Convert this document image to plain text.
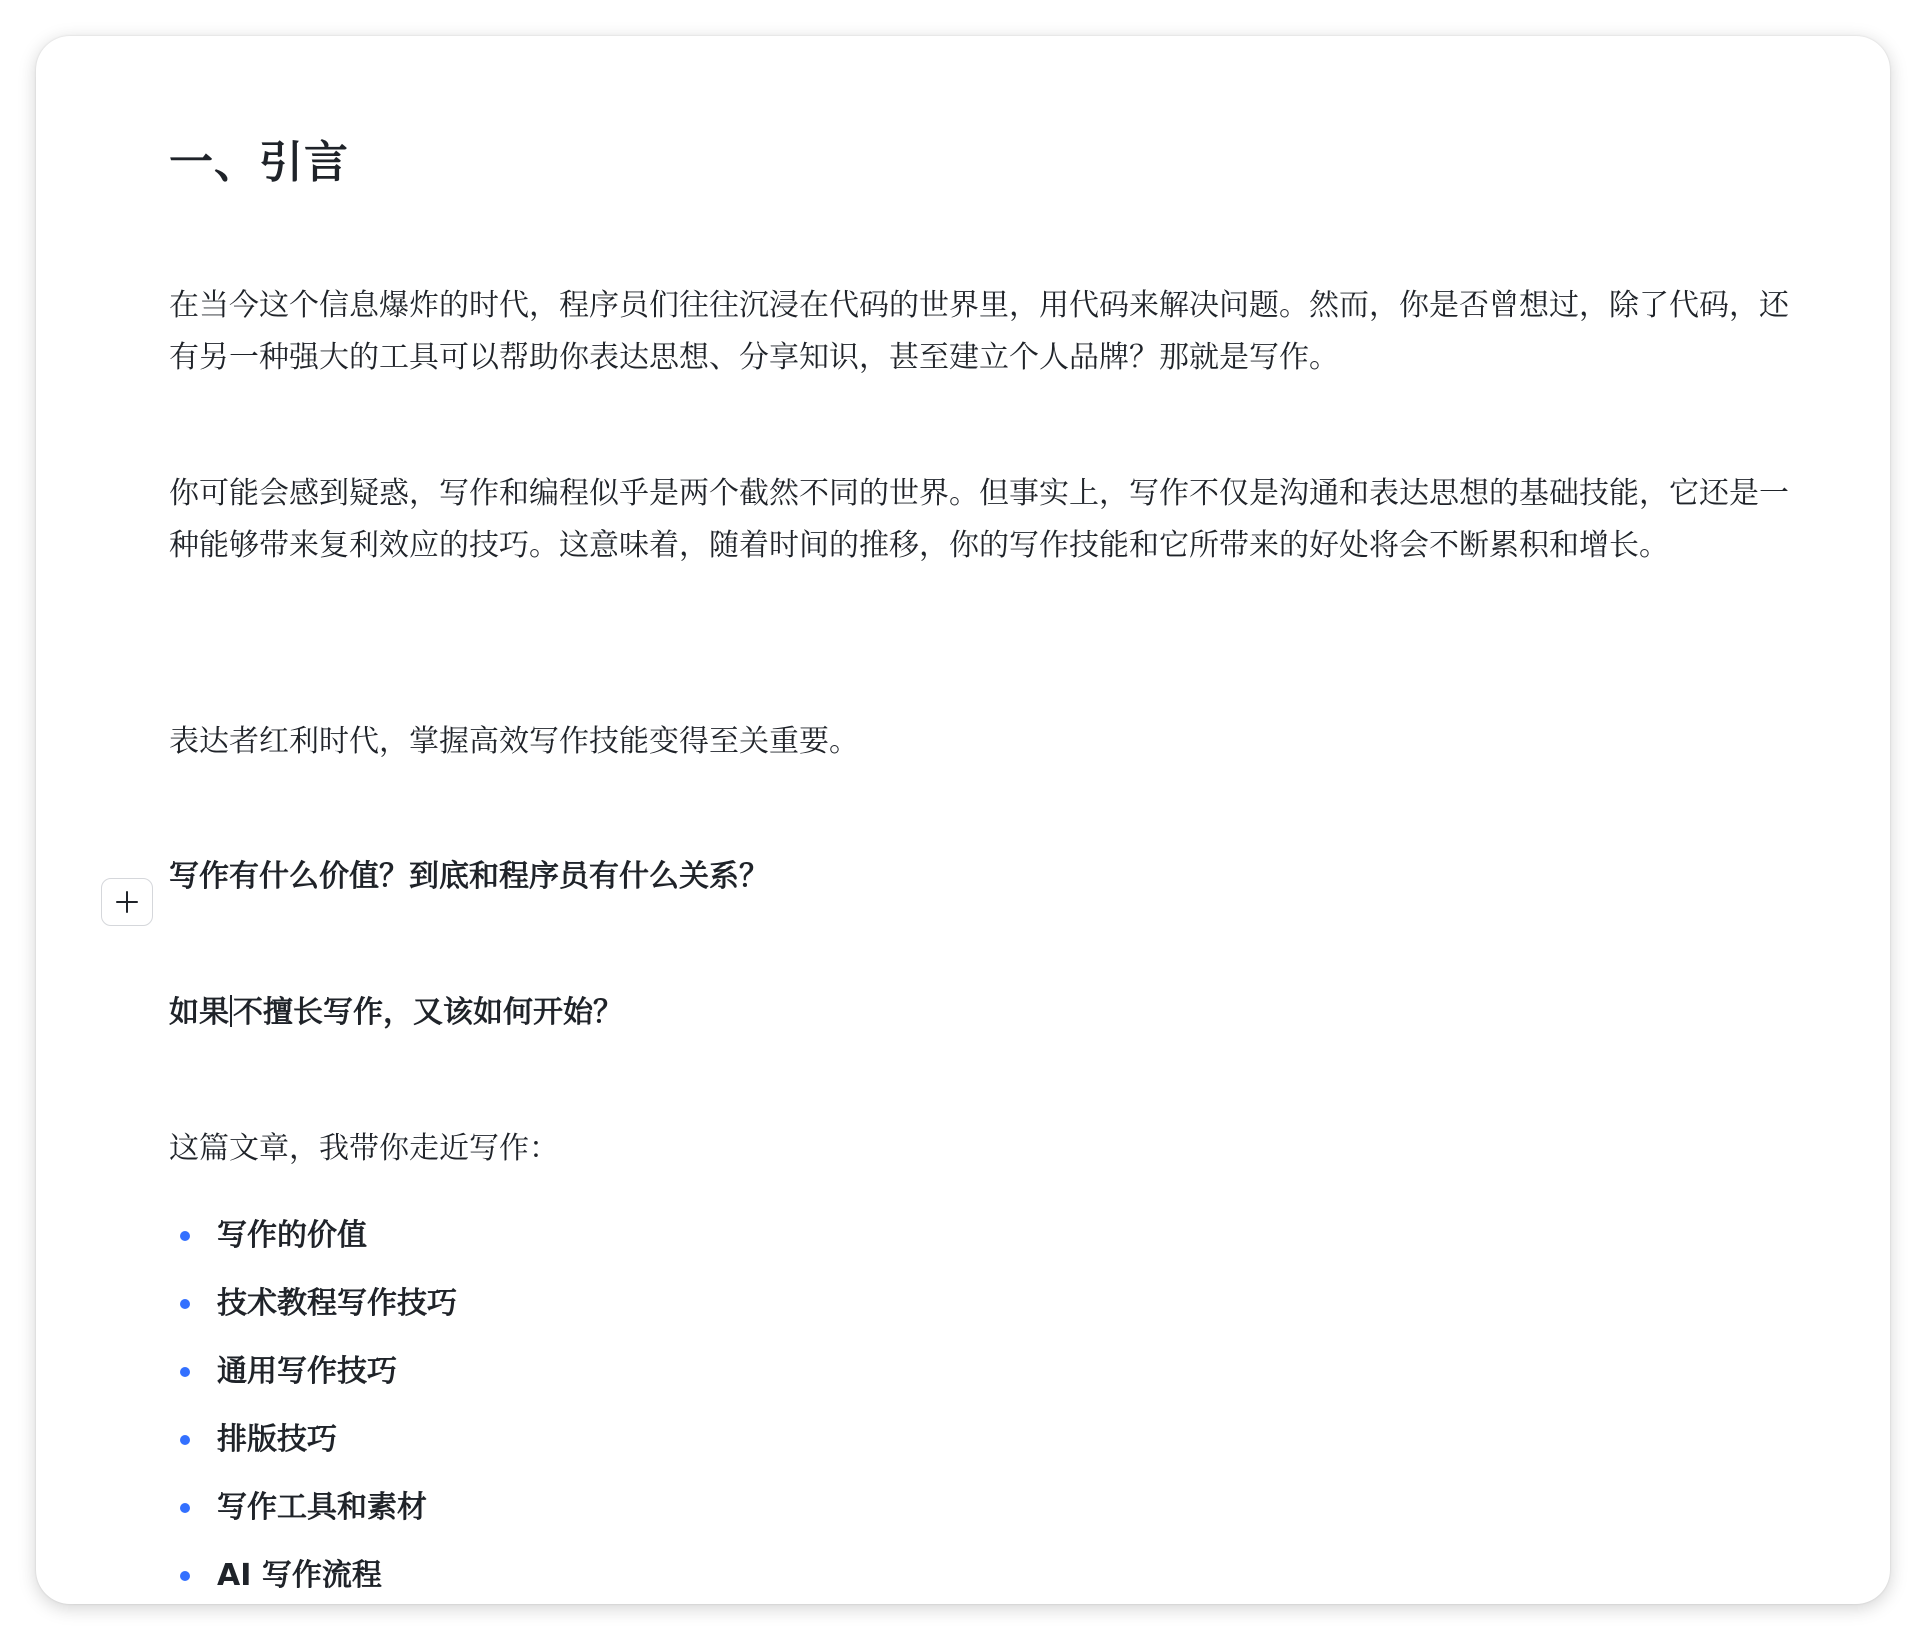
一、引言

在当今这个信息爆炸的时代，程序员们往往沉浸在代码的世界里，用代码来解决问题。然而，你是否曾想过，除了代码，还有另一种强大的工具可以帮助你表达思想、分享知识，甚至建立个人品牌？那就是写作。

你可能会感到疑惑，写作和编程似乎是两个截然不同的世界。但事实上，写作不仅是沟通和表达思想的基础技能，它还是一种能够带来复利效应的技巧。这意味着，随着时间的推移，你的写作技能和它所带来的好处将会不断累积和增长。

表达者红利时代，掌握高效写作技能变得至关重要。

写作有什么价值？到底和程序员有什么关系？

如果 不擅长写作，又该如何开始？

这篇文章，我带你走近写作：

写作的价值
技术教程写作技巧
通用写作技巧
排版技巧
写作工具和素材
AI 写作流程
